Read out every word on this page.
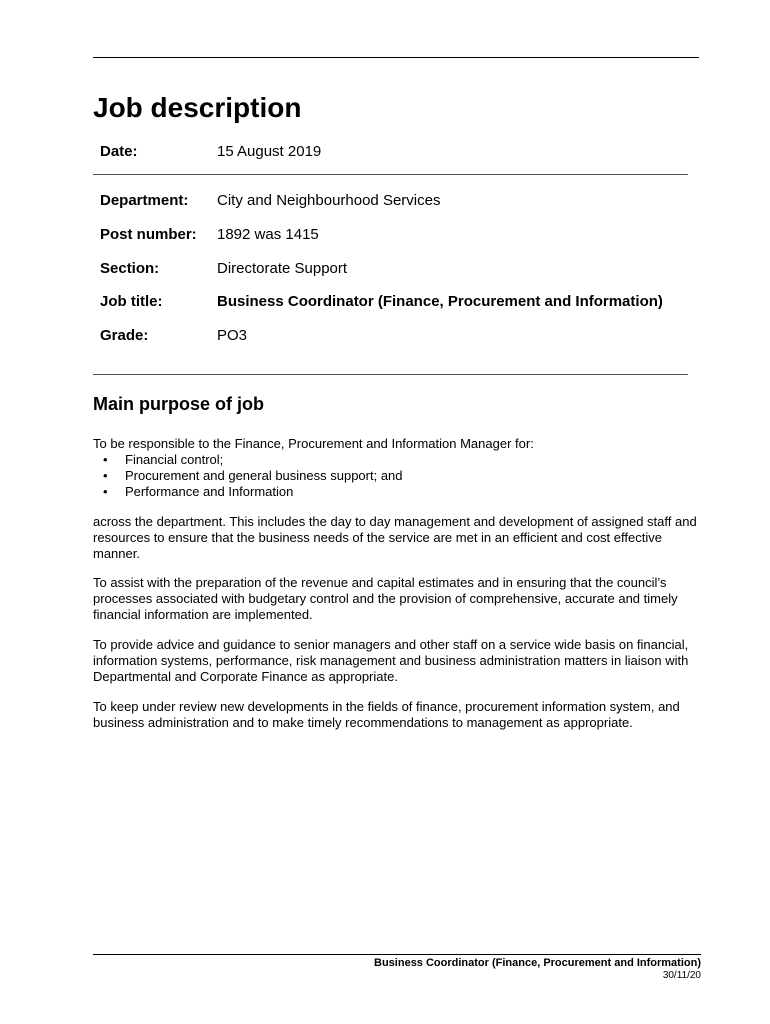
Job description
Date:	15 August 2019
Department: City and Neighbourhood Services
Post number: 1892 was 1415
Section:	Directorate Support
Job title:	Business Coordinator (Finance, Procurement and Information)
Grade:	PO3
Main purpose of job

To be responsible to the Finance, Procurement and Information Manager for:

• Financial control;
• Procurement and general business support; and
• Performance and Information

across the department. This includes the day to day management and development of assigned staff and resources to ensure that the business needs of the service are met in an efficient and cost effective manner.

To assist with the preparation of the revenue and capital estimates and in ensuring that the council’s processes associated with budgetary control and the provision of comprehensive, accurate and timely financial information are implemented.

To provide advice and guidance to senior managers and other staff on a service wide basis on financial, information systems, performance, risk management and business administration matters in liaison with Departmental and Corporate Finance as appropriate.

To keep under review new developments in the fields of finance, procurement information system, and business administration and to make timely recommendations to management as appropriate.

Business Coordinator (Finance, Procurement and Information)
30/11/20
